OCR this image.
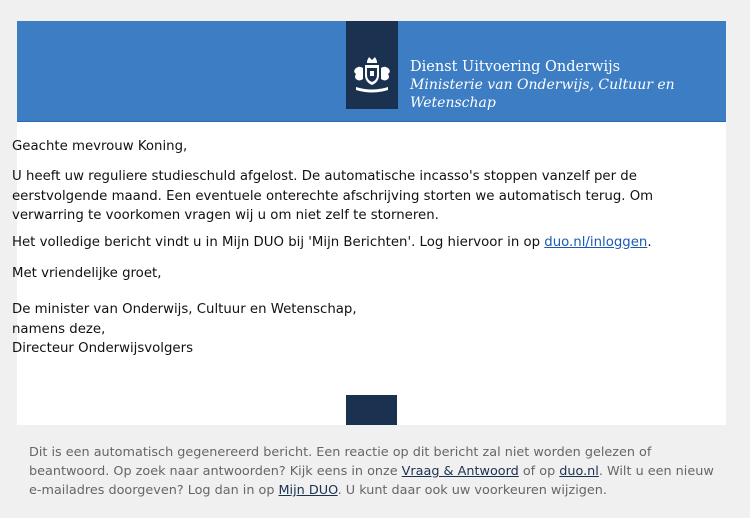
Dienst Uitvoering Onderwijs
Ministerie van Onderwijs, Cultuur en
Wetenschap

Geachte mevrouw Koning,

U heeft uw reguliere studieschuld afgelost. De automatische incasso's stoppen vanzelf per de eerstvolgende maand. Een eventuele onterechte afschrijving storten we automatisch terug. Om verwarring te voorkomen vragen wij u om niet zelf te storneren.

Het volledige bericht vindt u in Mijn DUO bij 'Mijn Berichten'. Log hiervoor in op duo.nl/inloggen.

Met vriendelijke groet,

De minister van Onderwijs, Cultuur en Wetenschap,
namens deze,
Directeur Onderwijsvolgers
Dit is een automatisch gegenereerd bericht. Een reactie op dit bericht zal niet worden gelezen of beantwoord. Op zoek naar antwoorden? Kijk eens in onze Vraag & Antwoord of op duo.nl. Wilt u een nieuw e-mailadres doorgeven? Log dan in op Mijn DUO. U kunt daar ook uw voorkeuren wijzigen.
